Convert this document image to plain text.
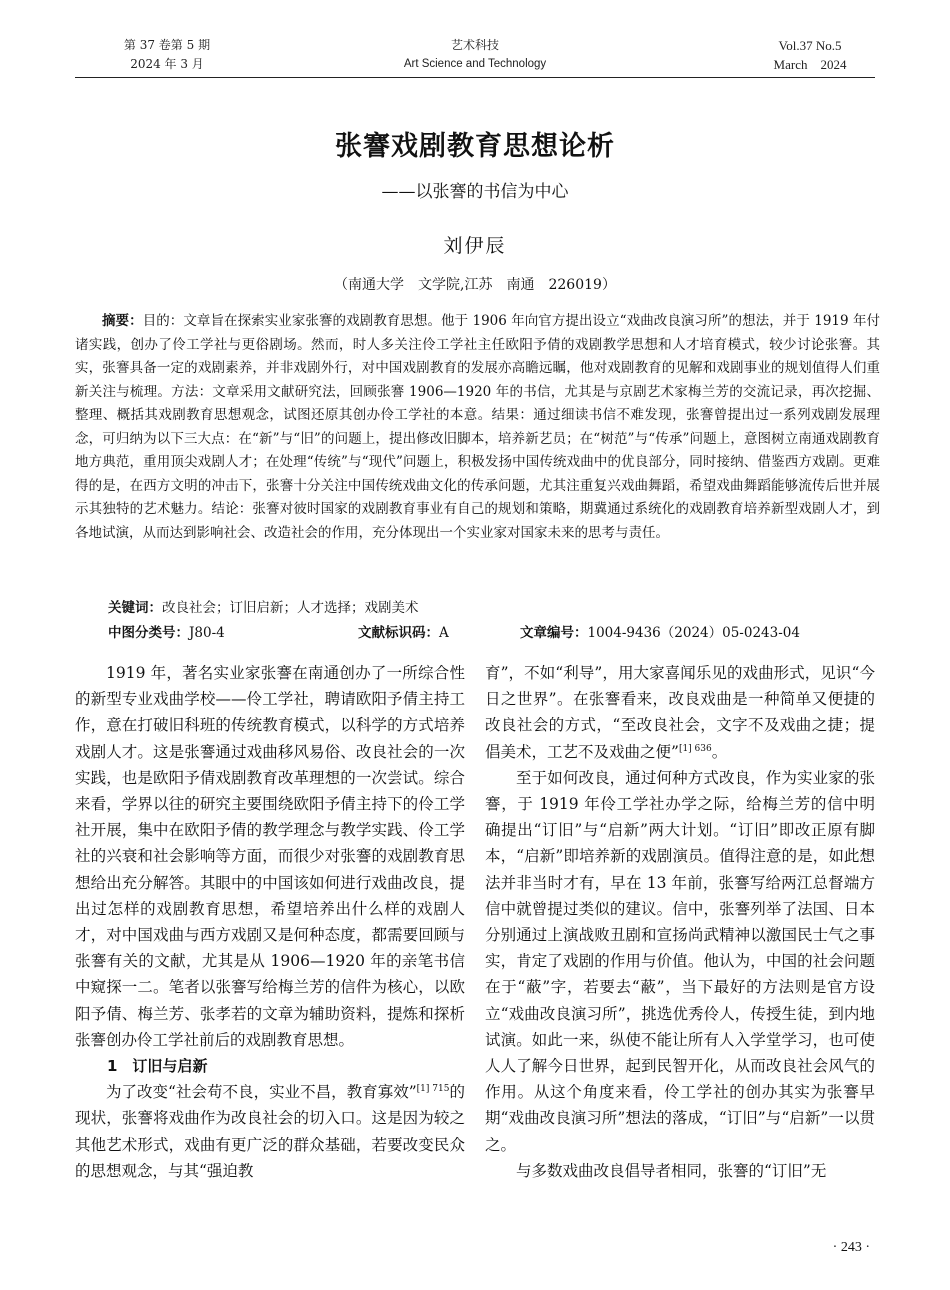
第 37 卷第 5 期
2024 年 3 月
艺术科技
Art Science and Technology
Vol.37 No.5
March　2024
张謇戏剧教育思想论析
——以张謇的书信为中心
刘伊辰
（南通大学　文学院,江苏　南通　226019）

摘要：目的：文章旨在探索实业家张謇的戏剧教育思想。他于 1906 年向官方提出设立“戏曲改良演习所”的想法，并于 1919 年付诸实践，创办了伶工学社与更俗剧场。然而，时人多关注伶工学社主任欧阳予倩的戏剧教学思想和人才培育模式，较少讨论张謇。其实，张謇具备一定的戏剧素养，并非戏剧外行，对中国戏剧教育的发展亦高瞻远瞩，他对戏剧教育的见解和戏剧事业的规划值得人们重新关注与梳理。方法：文章采用文献研究法，回顾张謇 1906—1920 年的书信，尤其是与京剧艺术家梅兰芳的交流记录，再次挖掘、整理、概括其戏剧教育思想观念，试图还原其创办伶工学社的本意。结果：通过细读书信不难发现，张謇曾提出过一系列戏剧发展理念，可归纳为以下三大点：在“新”与“旧”的问题上，提出修改旧脚本，培养新艺员；在“树范”与“传承”问题上，意图树立南通戏剧教育地方典范，重用顶尖戏剧人才；在处理“传统”与“现代”问题上，积极发扬中国传统戏曲中的优良部分，同时接纳、借鉴西方戏剧。更难得的是，在西方文明的冲击下，张謇十分关注中国传统戏曲文化的传承问题，尤其注重复兴戏曲舞蹈，希望戏曲舞蹈能够流传后世并展示其独特的艺术魅力。结论：张謇对彼时国家的戏剧教育事业有自己的规划和策略，期冀通过系统化的戏剧教育培养新型戏剧人才，到各地试演，从而达到影响社会、改造社会的作用，充分体现出一个实业家对国家未来的思考与责任。

关键词：改良社会；订旧启新；人才选择；戏剧美术
中图分类号：J80-4	文献标识码：A	文章编号：1004-9436（2024）05-0243-04

1919 年，著名实业家张謇在南通创办了一所综合性的新型专业戏曲学校——伶工学社，聘请欧阳予倩主持工作，意在打破旧科班的传统教育模式，以科学的方式培养戏剧人才。这是张謇通过戏曲移风易俗、改良社会的一次实践，也是欧阳予倩戏剧教育改革理想的一次尝试。综合来看，学界以往的研究主要围绕欧阳予倩主持下的伶工学社开展，集中在欧阳予倩的教学理念与教学实践、伶工学社的兴衰和社会影响等方面，而很少对张謇的戏剧教育思想给出充分解答。其眼中的中国该如何进行戏曲改良，提出过怎样的戏剧教育思想，希望培养出什么样的戏剧人才，对中国戏曲与西方戏剧又是何种态度，都需要回顾与张謇有关的文献，尤其是从 1906—1920 年的亲笔书信中窥探一二。笔者以张謇写给梅兰芳的信件为核心，以欧阳予倩、梅兰芳、张孝若的文章为辅助资料，提炼和探析张謇创办伶工学社前后的戏剧教育思想。

1　订旧与启新

为了改变“社会苟不良，实业不昌，教育寡效”$^{[1] 715}$的现状，张謇将戏曲作为改良社会的切入口。这是因为较之其他艺术形式，戏曲有更广泛的群众基础，若要改变民众的思想观念，与其“强迫教

育”，不如“利导”，用大家喜闻乐见的戏曲形式，见识“今日之世界”。在张謇看来，改良戏曲是一种简单又便捷的改良社会的方式，“至改良社会，文字不及戏曲之捷；提倡美术，工艺不及戏曲之便”$^{[1] 636}$。

至于如何改良，通过何种方式改良，作为实业家的张謇，于 1919 年伶工学社办学之际，给梅兰芳的信中明确提出“订旧”与“启新”两大计划。“订旧”即改正原有脚本，“启新”即培养新的戏剧演员。值得注意的是，如此想法并非当时才有，早在 13 年前，张謇写给两江总督端方信中就曾提过类似的建议。信中，张謇列举了法国、日本分别通过上演战败丑剧和宣扬尚武精神以激国民士气之事实，肯定了戏剧的作用与价值。他认为，中国的社会问题在于“蔽”字，若要去“蔽”，当下最好的方法则是官方设立“戏曲改良演习所”，挑选优秀伶人，传授生徒，到内地试演。如此一来，纵使不能让所有人入学堂学习，也可使人人了解今日世界，起到民智开化，从而改良社会风气的作用。从这个角度来看，伶工学社的创办其实为张謇早期“戏曲改良演习所”想法的落成，“订旧”与“启新”一以贯之。

与多数戏曲改良倡导者相同，张謇的“订旧”无

· 243 ·
